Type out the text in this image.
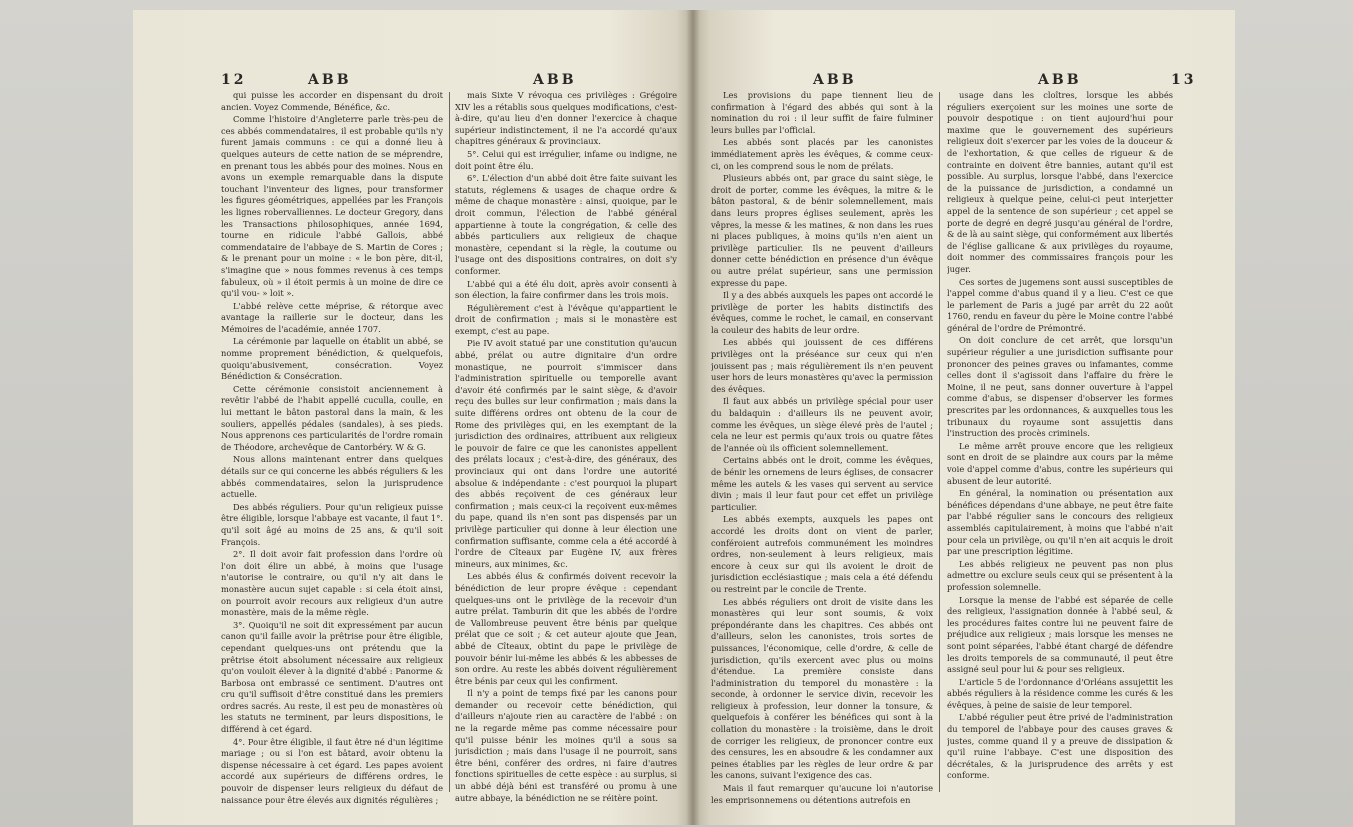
12	ABB	ABB

qui puisse les accorder en dispensant du droit ancien. Voyez Commende, Bénéfice, &c.

Comme l'histoire d'Angleterre parle très-peu de ces abbés commendataires, il est probable qu'ils n'y furent jamais communs : ce qui a donné lieu à quelques auteurs de cette nation de se méprendre, en prenant tous les abbés pour des moines. Nous en avons un exemple remarquable dans la dispute touchant l'inventeur des lignes, pour transformer les figures géométriques, appellées par les François les lignes robervalliennes. Le docteur Gregory, dans les Transactions philosophiques, année 1694, tourne en ridicule l'abbé Gallois, abbé commendataire de l'abbaye de S. Martin de Cores ; & le prenant pour un moine : « le bon père, dit-il, s'imagine que » nous fommes revenus à ces temps fabuleux, où » il étoit permis à un moine de dire ce qu'il vou- » loit ».

L'abbé relève cette méprise, & rétorque avec avantage la raillerie sur le docteur, dans les Mémoires de l'académie, année 1707.

La cérémonie par laquelle on établit un abbé, se nomme proprement bénédiction, & quelquefois, quoiqu'abusivement, consécration. Voyez Bénédiction & Consécration.

Cette cérémonie consistoit anciennement à revêtir l'abbé de l'habit appellé cuculla, coulle, en lui mettant le bâton pastoral dans la main, & les souliers, appellés pédales (sandales), à ses pieds. Nous apprenons ces particularités de l'ordre romain de Théodore, archevêque de Cantorbéry. W & G.

Nous allons maintenant entrer dans quelques détails sur ce qui concerne les abbés réguliers & les abbés commendataires, selon la jurisprudence actuelle.

Des abbés réguliers. Pour qu'un religieux puisse être éligible, lorsque l'abbaye est vacante, il faut 1°. qu'il soit âgé au moins de 25 ans, & qu'il soit François.

2°. Il doit avoir fait profession dans l'ordre où l'on doit élire un abbé, à moins que l'usage n'autorise le contraire, ou qu'il n'y ait dans le monastère aucun sujet capable : si cela étoit ainsi, on pourroit avoir recours aux religieux d'un autre monastère, mais de la même règle.

3°. Quoiqu'il ne soit dit expressément par aucun canon qu'il faille avoir la prêtrise pour être éligible, cependant quelques-uns ont prétendu que la prêtrise étoit absolument nécessaire aux religieux qu'on vouloit élever à la dignité d'abbé : Panorme & Barbosa ont embrassé ce sentiment. D'autres ont cru qu'il suffisoit d'être constitué dans les premiers ordres sacrés. Au reste, il est peu de monastères où les statuts ne terminent, par leurs dispositions, le différend à cet égard.

4°. Pour être éligible, il faut être né d'un légitime mariage ; ou si l'on est bâtard, avoir obtenu la dispense nécessaire à cet égard. Les papes avoient accordé aux supérieurs de différens ordres, le pouvoir de dispenser leurs religieux du défaut de naissance pour être élevés aux dignités régulières ;

mais Sixte V révoqua ces privilèges : Grégoire XIV les a rétablis sous quelques modifications, c'est-à-dire, qu'au lieu d'en donner l'exercice à chaque supérieur indistinctement, il ne l'a accordé qu'aux chapitres généraux & provinciaux.

5°. Celui qui est irrégulier, infame ou indigne, ne doit point être élu.

6°. L'élection d'un abbé doit être faite suivant les statuts, réglemens & usages de chaque ordre & même de chaque monastère : ainsi, quoique, par le droit commun, l'élection de l'abbé général appartienne à toute la congrégation, & celle des abbés particuliers aux religieux de chaque monastère, cependant si la règle, la coutume ou l'usage ont des dispositions contraires, on doit s'y conformer.

L'abbé qui a été élu doit, après avoir consenti à son élection, la faire confirmer dans les trois mois.

Régulièrement c'est à l'évêque qu'appartient le droit de confirmation ; mais si le monastère est exempt, c'est au pape.

Pie IV avoit statué par une constitution qu'aucun abbé, prélat ou autre dignitaire d'un ordre monastique, ne pourroit s'immiscer dans l'administration spirituelle ou temporelle avant d'avoir été confirmés par le saint siège, & d'avoir reçu des bulles sur leur confirmation ; mais dans la suite différens ordres ont obtenu de la cour de Rome des privilèges qui, en les exemptant de la jurisdiction des ordinaires, attribuent aux religieux le pouvoir de faire ce que les canonistes appellent des prélats locaux ; c'est-à-dire, des généraux, des provinciaux qui ont dans l'ordre une autorité absolue & indépendante : c'est pourquoi la plupart des abbés reçoivent de ces généraux leur confirmation ; mais ceux-ci la reçoivent eux-mêmes du pape, quand ils n'en sont pas dispensés par un privilège particulier qui donne à leur élection une confirmation suffisante, comme cela a été accordé à l'ordre de Cîteaux par Eugène IV, aux frères mineurs, aux minimes, &c.

Les abbés élus & confirmés doivent recevoir la bénédiction de leur propre évêque : cependant quelques-uns ont le privilège de la recevoir d'un autre prélat. Tamburin dit que les abbés de l'ordre de Vallombreuse peuvent être bénis par quelque prélat que ce soit ; & cet auteur ajoute que Jean, abbé de Cîteaux, obtint du pape le privilège de pouvoir bénir lui-même les abbés & les abbesses de son ordre. Au reste les abbés doivent régulièrement être bénis par ceux qui les confirment.

Il n'y a point de temps fixé par les canons pour demander ou recevoir cette bénédiction, qui d'ailleurs n'ajoute rien au caractère de l'abbé : on ne la regarde même pas comme nécessaire pour qu'il puisse bénir les moines qu'il a sous sa jurisdiction ; mais dans l'usage il ne pourroit, sans être béni, conférer des ordres, ni faire d'autres fonctions spirituelles de cette espèce : au surplus, si un abbé déjà béni est transféré ou promu à une autre abbaye, la bénédiction ne se réitère point.

ABB	ABB	13

Les provisions du pape tiennent lieu de confirmation à l'égard des abbés qui sont à la nomination du roi : il leur suffit de faire fulminer leurs bulles par l'official.

Les abbés sont placés par les canonistes immédiatement après les évêques, & comme ceux-ci, on les comprend sous le nom de prélats.

Plusieurs abbés ont, par grace du saint siège, le droit de porter, comme les évêques, la mitre & le bâton pastoral, & de bénir solemnellement, mais dans leurs propres églises seulement, après les vêpres, la messe & les matines, & non dans les rues ni places publiques, à moins qu'ils n'en aient un privilège particulier. Ils ne peuvent d'ailleurs donner cette bénédiction en présence d'un évêque ou autre prélat supérieur, sans une permission expresse du pape.

Il y a des abbés auxquels les papes ont accordé le privilège de porter les habits distinctifs des évêques, comme le rochet, le camail, en conservant la couleur des habits de leur ordre.

Les abbés qui jouissent de ces différens privilèges ont la préséance sur ceux qui n'en jouissent pas ; mais régulièrement ils n'en peuvent user hors de leurs monastères qu'avec la permission des évêques.

Il faut aux abbés un privilège spécial pour user du baldaquin : d'ailleurs ils ne peuvent avoir, comme les évêques, un siège élevé près de l'autel ; cela ne leur est permis qu'aux trois ou quatre fêtes de l'année où ils officient solemnellement.

Certains abbés ont le droit, comme les évêques, de bénir les ornemens de leurs églises, de consacrer même les autels & les vases qui servent au service divin ; mais il leur faut pour cet effet un privilège particulier.

Les abbés exempts, auxquels les papes ont accordé les droits dont on vient de parler, conféroient autrefois communément les moindres ordres, non-seulement à leurs religieux, mais encore à ceux sur qui ils avoient le droit de jurisdiction ecclésiastique ; mais cela a été défendu ou restreint par le concile de Trente.

Les abbés réguliers ont droit de visite dans les monastères qui leur sont soumis, & voix prépondérante dans les chapitres. Ces abbés ont d'ailleurs, selon les canonistes, trois sortes de puissances, l'économique, celle d'ordre, & celle de jurisdiction, qu'ils exercent avec plus ou moins d'étendue. La première consiste dans l'administration du temporel du monastère : la seconde, à ordonner le service divin, recevoir les religieux à profession, leur donner la tonsure, & quelquefois à conférer les bénéfices qui sont à la collation du monastère : la troisième, dans le droit de corriger les religieux, de prononcer contre eux des censures, les en absoudre & les condamner aux peines établies par les règles de leur ordre & par les canons, suivant l'exigence des cas.

Mais il faut remarquer qu'aucune loi n'autorise les emprisonnemens ou détentions autrefois en

usage dans les cloîtres, lorsque les abbés réguliers exerçoient sur les moines une sorte de pouvoir despotique : on tient aujourd'hui pour maxime que le gouvernement des supérieurs religieux doit s'exercer par les voies de la douceur & de l'exhortation, & que celles de rigueur & de contrainte en doivent être bannies, autant qu'il est possible. Au surplus, lorsque l'abbé, dans l'exercice de la puissance de jurisdiction, a condamné un religieux à quelque peine, celui-ci peut interjetter appel de la sentence de son supérieur ; cet appel se porte de degré en degré jusqu'au général de l'ordre, & de là au saint siège, qui conformément aux libertés de l'église gallicane & aux privilèges du royaume, doit nommer des commissaires françois pour les juger.

Ces sortes de jugemens sont aussi susceptibles de l'appel comme d'abus quand il y a lieu. C'est ce que le parlement de Paris a jugé par arrêt du 22 août 1760, rendu en faveur du père le Moine contre l'abbé général de l'ordre de Prémontré.

On doit conclure de cet arrêt, que lorsqu'un supérieur régulier a une jurisdiction suffisante pour prononcer des peines graves ou infamantes, comme celles dont il s'agissoit dans l'affaire du frère le Moine, il ne peut, sans donner ouverture à l'appel comme d'abus, se dispenser d'observer les formes prescrites par les ordonnances, & auxquelles tous les tribunaux du royaume sont assujettis dans l'instruction des procès criminels.

Le même arrêt prouve encore que les religieux sont en droit de se plaindre aux cours par la même voie d'appel comme d'abus, contre les supérieurs qui abusent de leur autorité.

En général, la nomination ou présentation aux bénéfices dépendans d'une abbaye, ne peut être faite par l'abbé régulier sans le concours des religieux assemblés capitulairement, à moins que l'abbé n'ait pour cela un privilège, ou qu'il n'en ait acquis le droit par une prescription légitime.

Les abbés religieux ne peuvent pas non plus admettre ou exclure seuls ceux qui se présentent à la profession solemnelle.

Lorsque la mense de l'abbé est séparée de celle des religieux, l'assignation donnée à l'abbé seul, & les procédures faites contre lui ne peuvent faire de préjudice aux religieux ; mais lorsque les menses ne sont point séparées, l'abbé étant chargé de défendre les droits temporels de sa communauté, il peut être assigné seul pour lui & pour ses religieux.

L'article 5 de l'ordonnance d'Orléans assujettit les abbés réguliers à la résidence comme les curés & les évêques, à peine de saisie de leur temporel.

L'abbé régulier peut être privé de l'administration du temporel de l'abbaye pour des causes graves & justes, comme quand il y a preuve de dissipation & qu'il ruine l'abbaye. C'est une disposition des décrétales, & la jurisprudence des arrêts y est conforme.
